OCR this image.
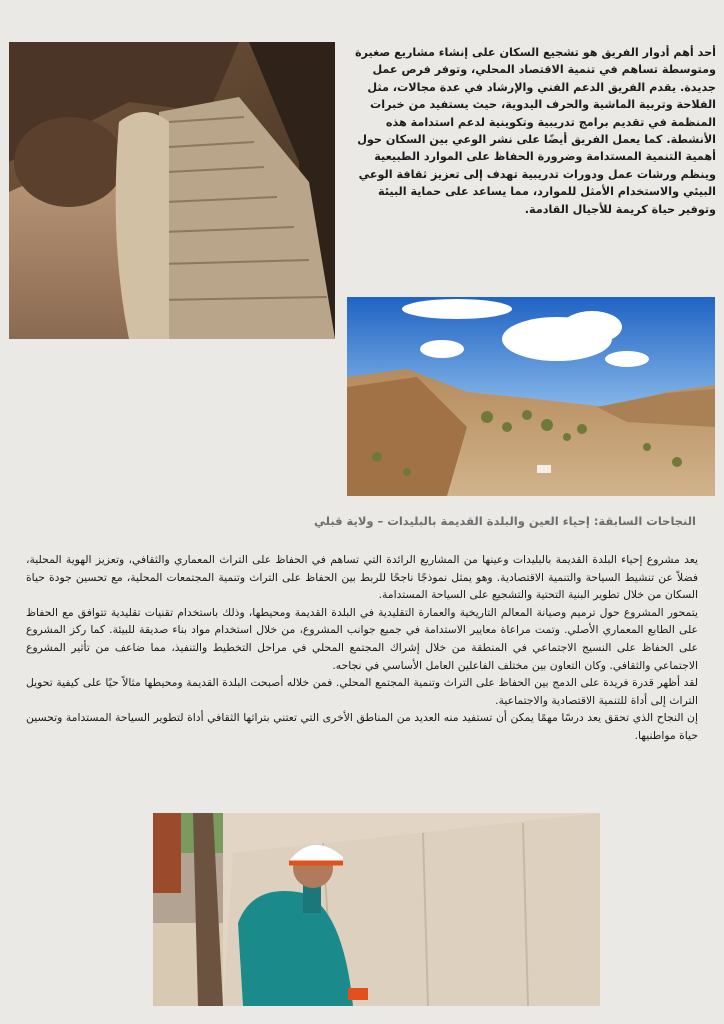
أحد أهم أدوار الفريق هو تشجيع السكان على إنشاء مشاريع صغيرة ومتوسطة تساهم في تنمية الاقتصاد المحلي، وتوفر فرص عمل جديدة. يقدم الفريق الدعم الفني والإرشاد في عدة مجالات، مثل الفلاحة وتربية الماشية والحرف اليدوية، حيث يستفيد من خبرات المنظمة في تقديم برامج تدريبية وتكوينية لدعم استدامة هذه الأنشطة. كما يعمل الفريق أيضًا على نشر الوعي بين السكان حول أهمية التنمية المستدامة وضرورة الحفاظ على الموارد الطبيعية وينظم ورشات عمل ودورات تدريبية تهدف إلى تعزيز ثقافة الوعي البيئي والاستخدام الأمثل للموارد، مما يساعد على حماية البيئة وتوفير حياة كريمة للأجيال القادمة.

النجاحات السابقة: إحياء العين والبلدة القديمة بالبليدات – ولاية قبلي

يعد مشروع إحياء البلدة القديمة بالبليدات وعينها من المشاريع الرائدة التي تساهم في الحفاظ على التراث المعماري والثقافي، وتعزيز الهوية المحلية، فضلاً عن تنشيط السياحة والتنمية الاقتصادية. وهو يمثل نموذجًا ناجحًا للربط بين الحفاظ على التراث وتنمية المجتمعات المحلية، مع تحسين جودة حياة السكان من خلال تطوير البنية التحتية والتشجيع على السياحة المستدامة.

يتمحور المشروع حول ترميم وصيانة المعالم التاريخية والعمارة التقليدية في البلدة القديمة ومحيطها، وذلك باستخدام تقنيات تقليدية تتوافق مع الحفاظ على الطابع المعماري الأصلي. وتمت مراعاة معايير الاستدامة في جميع جوانب المشروع، من خلال استخدام مواد بناء صديقة للبيئة. كما ركز المشروع على الحفاظ على النسيج الاجتماعي في المنطقة من خلال إشراك المجتمع المحلي في مراحل التخطيط والتنفيذ، مما ضاعف من تأثير المشروع الاجتماعي والثقافي. وكان التعاون بين مختلف الفاعلين العامل الأساسي في نجاحه.

لقد أظهر قدرة فريدة على الدمج بين الحفاظ على التراث وتنمية المجتمع المحلي. فمن خلاله أصبحت البلدة القديمة ومحيطها مثالاً حيًا على كيفية تحويل التراث إلى أداة للتنمية الاقتصادية والاجتماعية.

إن النجاح الذي تحقق يعد درسًا مهمًا يمكن أن تستفيد منه العديد من المناطق الأخرى التي تعتني بتراثها الثقافي أداة لتطوير السياحة المستدامة وتحسين حياة مواطنيها.
